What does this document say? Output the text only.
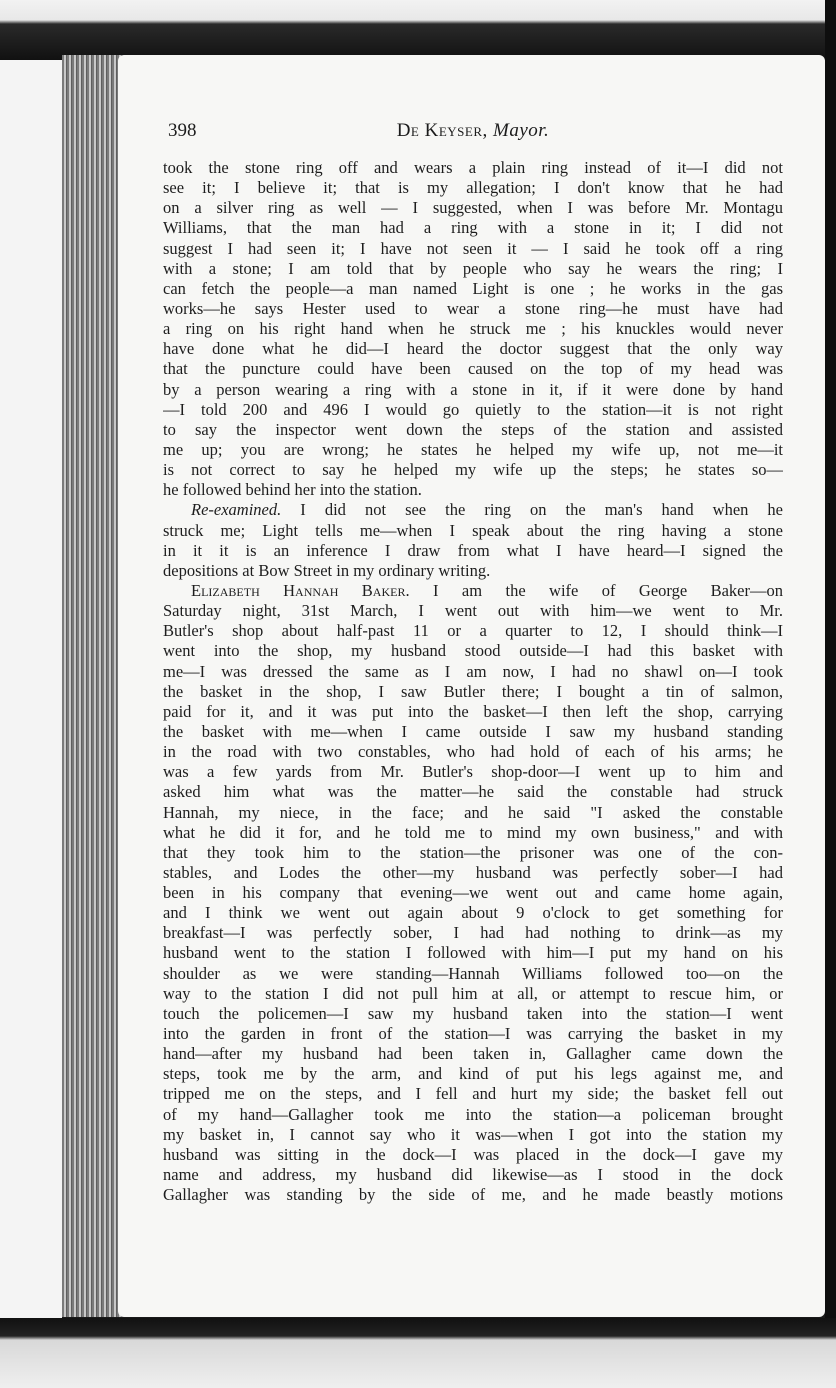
398	De Keyser, Mayor.
took the stone ring off and wears a plain ring instead of it—I did not
see it; I believe it; that is my allegation; I don't know that he had
on a silver ring as well — I suggested, when I was before Mr. Montagu
Williams, that the man had a ring with a stone in it; I did not
suggest I had seen it; I have not seen it — I said he took off a ring
with a stone; I am told that by people who say he wears the ring; I
can fetch the people—a man named Light is one ; he works in the gas
works—he says Hester used to wear a stone ring—he must have had
a ring on his right hand when he struck me ; his knuckles would never
have done what he did—I heard the doctor suggest that the only way
that the puncture could have been caused on the top of my head was
by a person wearing a ring with a stone in it, if it were done by hand
—I told 200 and 496 I would go quietly to the station—it is not right
to say the inspector went down the steps of the station and assisted
me up; you are wrong; he states he helped my wife up, not me—it
is not correct to say he helped my wife up the steps; he states so—
he followed behind her into the station.
Re-examined. I did not see the ring on the man's hand when he
struck me; Light tells me—when I speak about the ring having a stone
in it it is an inference I draw from what I have heard—I signed the
depositions at Bow Street in my ordinary writing.
Elizabeth Hannah Baker. I am the wife of George Baker—on
Saturday night, 31st March, I went out with him—we went to Mr.
Butler's shop about half-past 11 or a quarter to 12, I should think—I
went into the shop, my husband stood outside—I had this basket with
me—I was dressed the same as I am now, I had no shawl on—I took
the basket in the shop, I saw Butler there; I bought a tin of salmon,
paid for it, and it was put into the basket—I then left the shop, carrying
the basket with me—when I came outside I saw my husband standing
in the road with two constables, who had hold of each of his arms; he
was a few yards from Mr. Butler's shop-door—I went up to him and
asked him what was the matter—he said the constable had struck
Hannah, my niece, in the face; and he said "I asked the constable
what he did it for, and he told me to mind my own business," and with
that they took him to the station—the prisoner was one of the con-
stables, and Lodes the other—my husband was perfectly sober—I had
been in his company that evening—we went out and came home again,
and I think we went out again about 9 o'clock to get something for
breakfast—I was perfectly sober, I had had nothing to drink—as my
husband went to the station I followed with him—I put my hand on his
shoulder as we were standing—Hannah Williams followed too—on the
way to the station I did not pull him at all, or attempt to rescue him, or
touch the policemen—I saw my husband taken into the station—I went
into the garden in front of the station—I was carrying the basket in my
hand—after my husband had been taken in, Gallagher came down the
steps, took me by the arm, and kind of put his legs against me, and
tripped me on the steps, and I fell and hurt my side; the basket fell out
of my hand—Gallagher took me into the station—a policeman brought
my basket in, I cannot say who it was—when I got into the station my
husband was sitting in the dock—I was placed in the dock—I gave my
name and address, my husband did likewise—as I stood in the dock
Gallagher was standing by the side of me, and he made beastly motions
